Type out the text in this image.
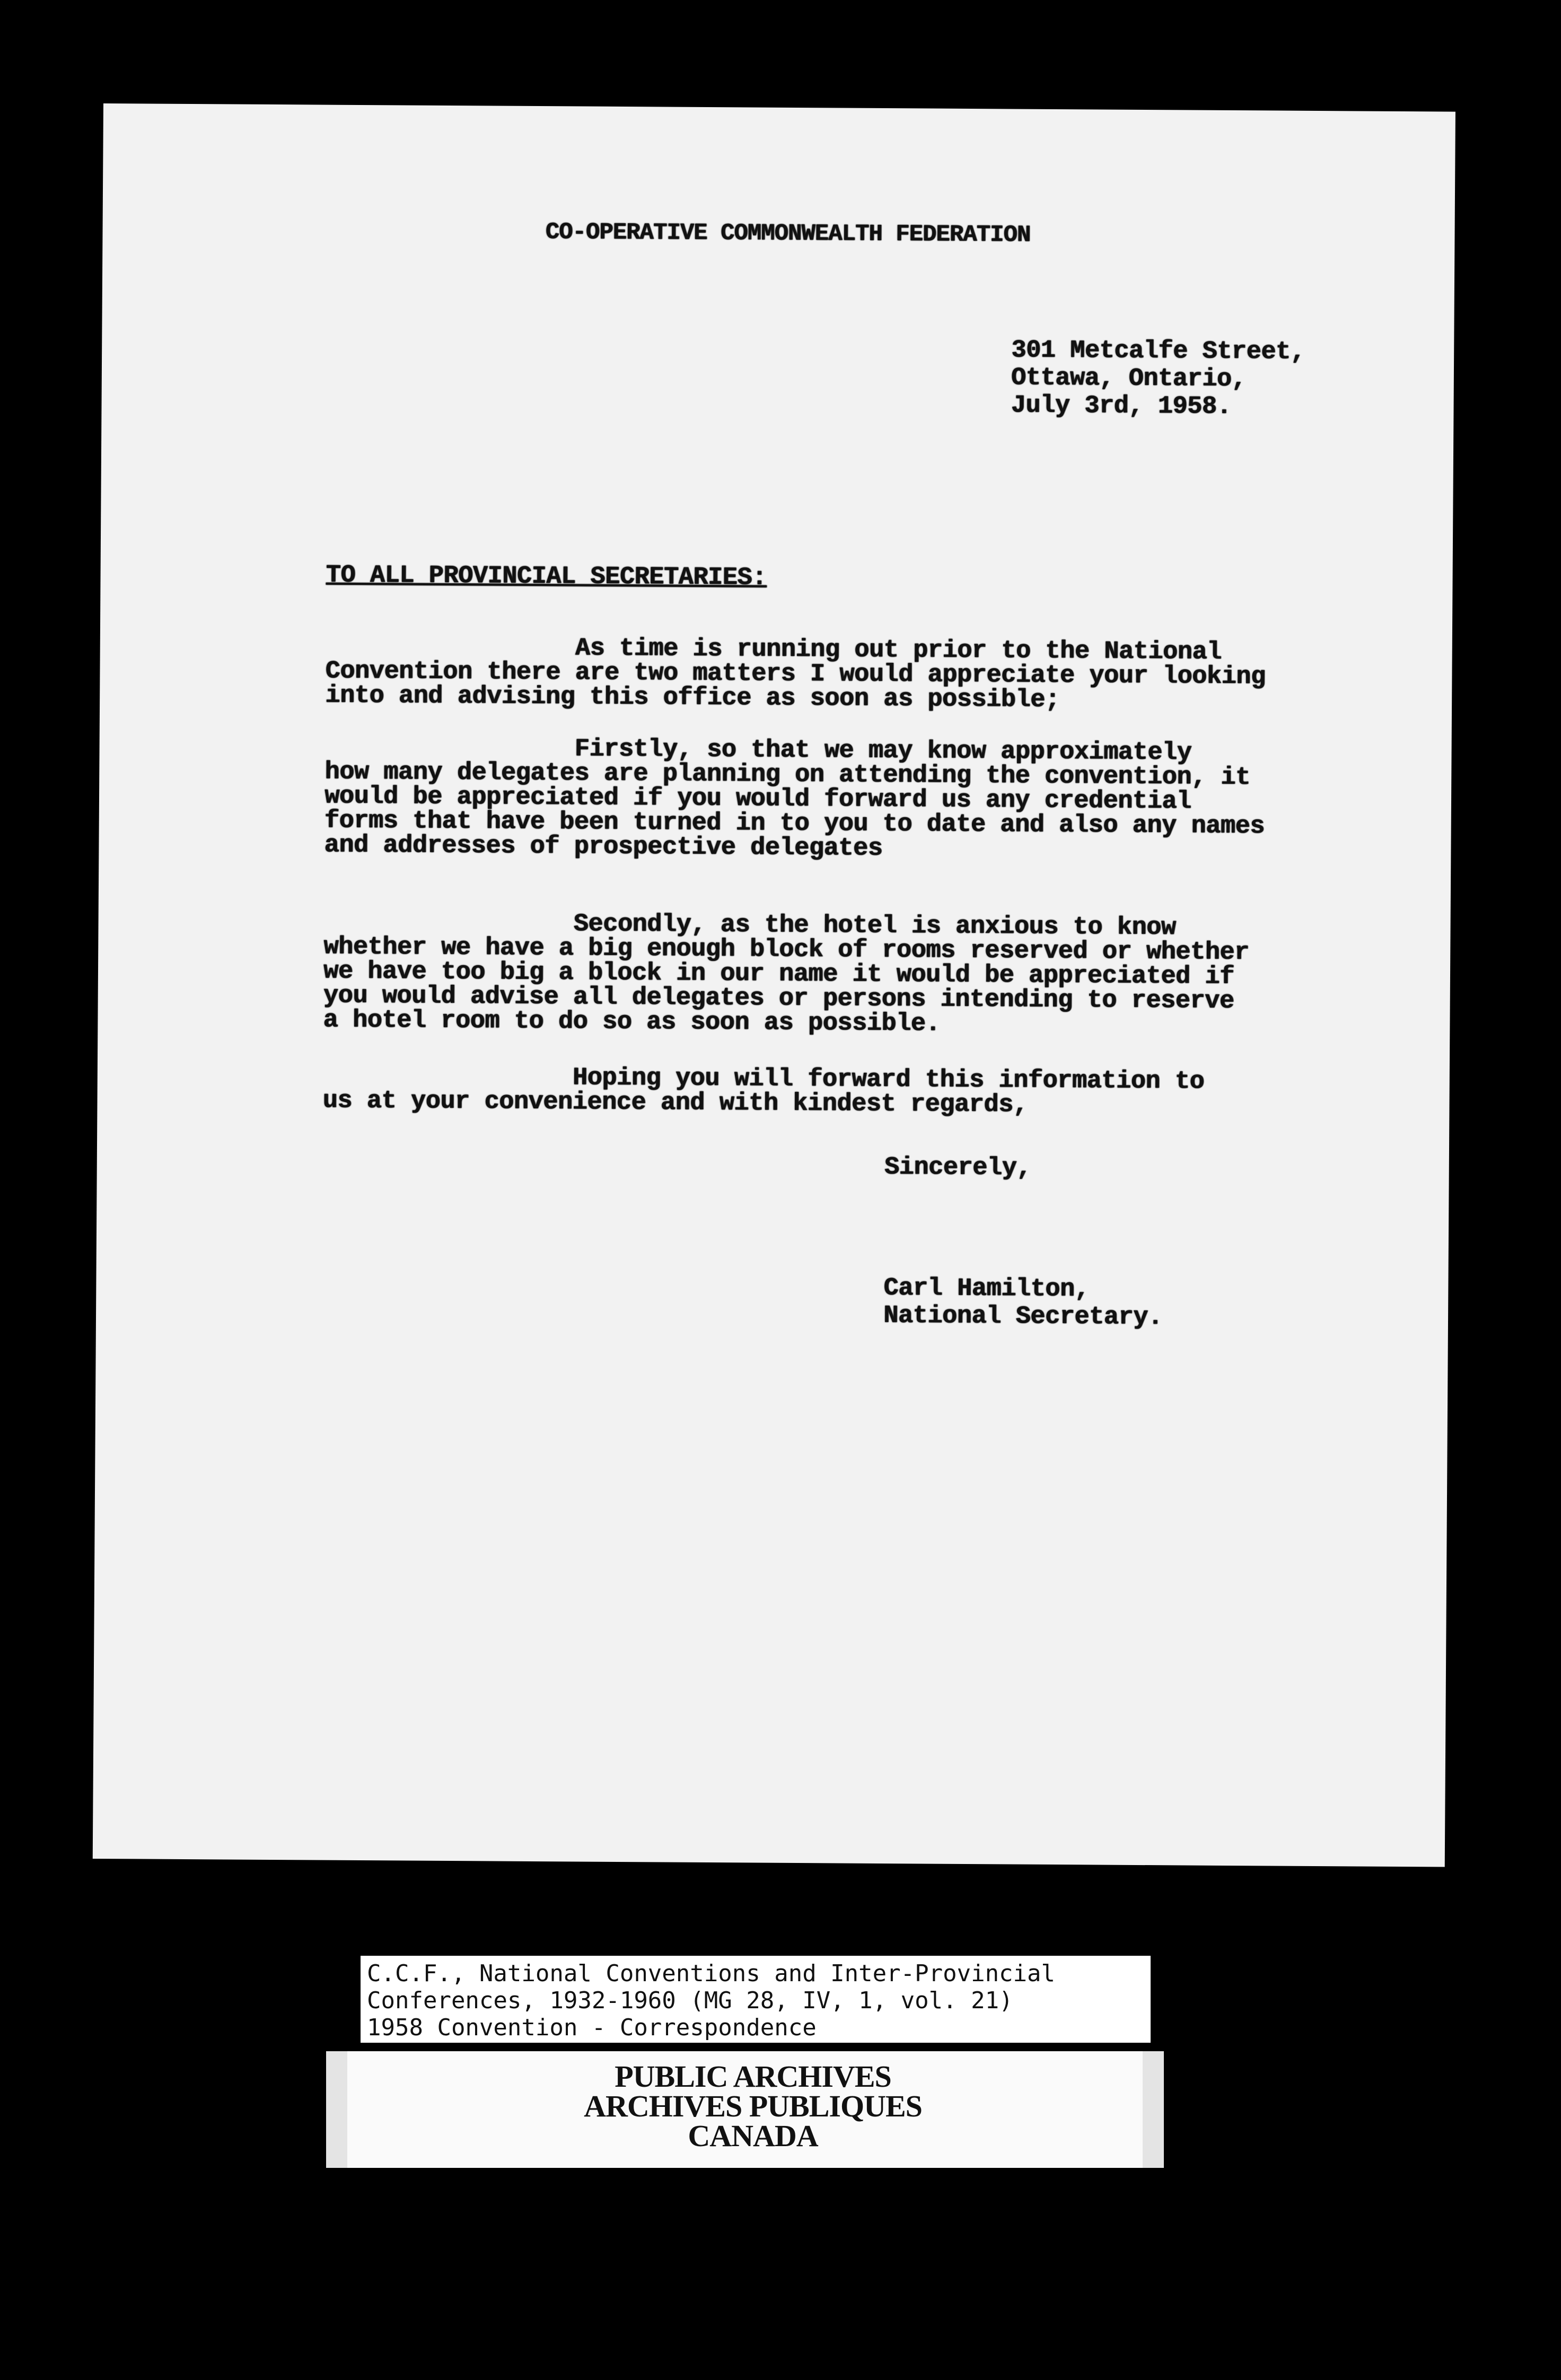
CO-OPERATIVE COMMONWEALTH FEDERATION
301 Metcalfe Street,
Ottawa, Ontario,
July 3rd, 1958.
TO ALL PROVINCIAL SECRETARIES:
As time is running out prior to the National
Convention there are two matters I would appreciate your looking
into and advising this office as soon as possible;
Firstly, so that we may know approximately
how many delegates are planning on attending the convention, it
would be appreciated if you would forward us any credential
forms that have been turned in to you to date and also any names
and addresses of prospective delegates
Secondly, as the hotel is anxious to know
whether we have a big enough block of rooms reserved or whether
we have too big a block in our name it would be appreciated if
you would advise all delegates or persons intending to reserve
a hotel room to do so as soon as possible.
Hoping you will forward this information to
us at your convenience and with kindest regards,
Sincerely,
Carl Hamilton,
National Secretary.
C.C.F., National Conventions and Inter-Provincial
Conferences, 1932-1960 (MG 28, IV, 1, vol. 21)
1958 Convention - Correspondence
PUBLIC ARCHIVES
ARCHIVES PUBLIQUES
CANADA
